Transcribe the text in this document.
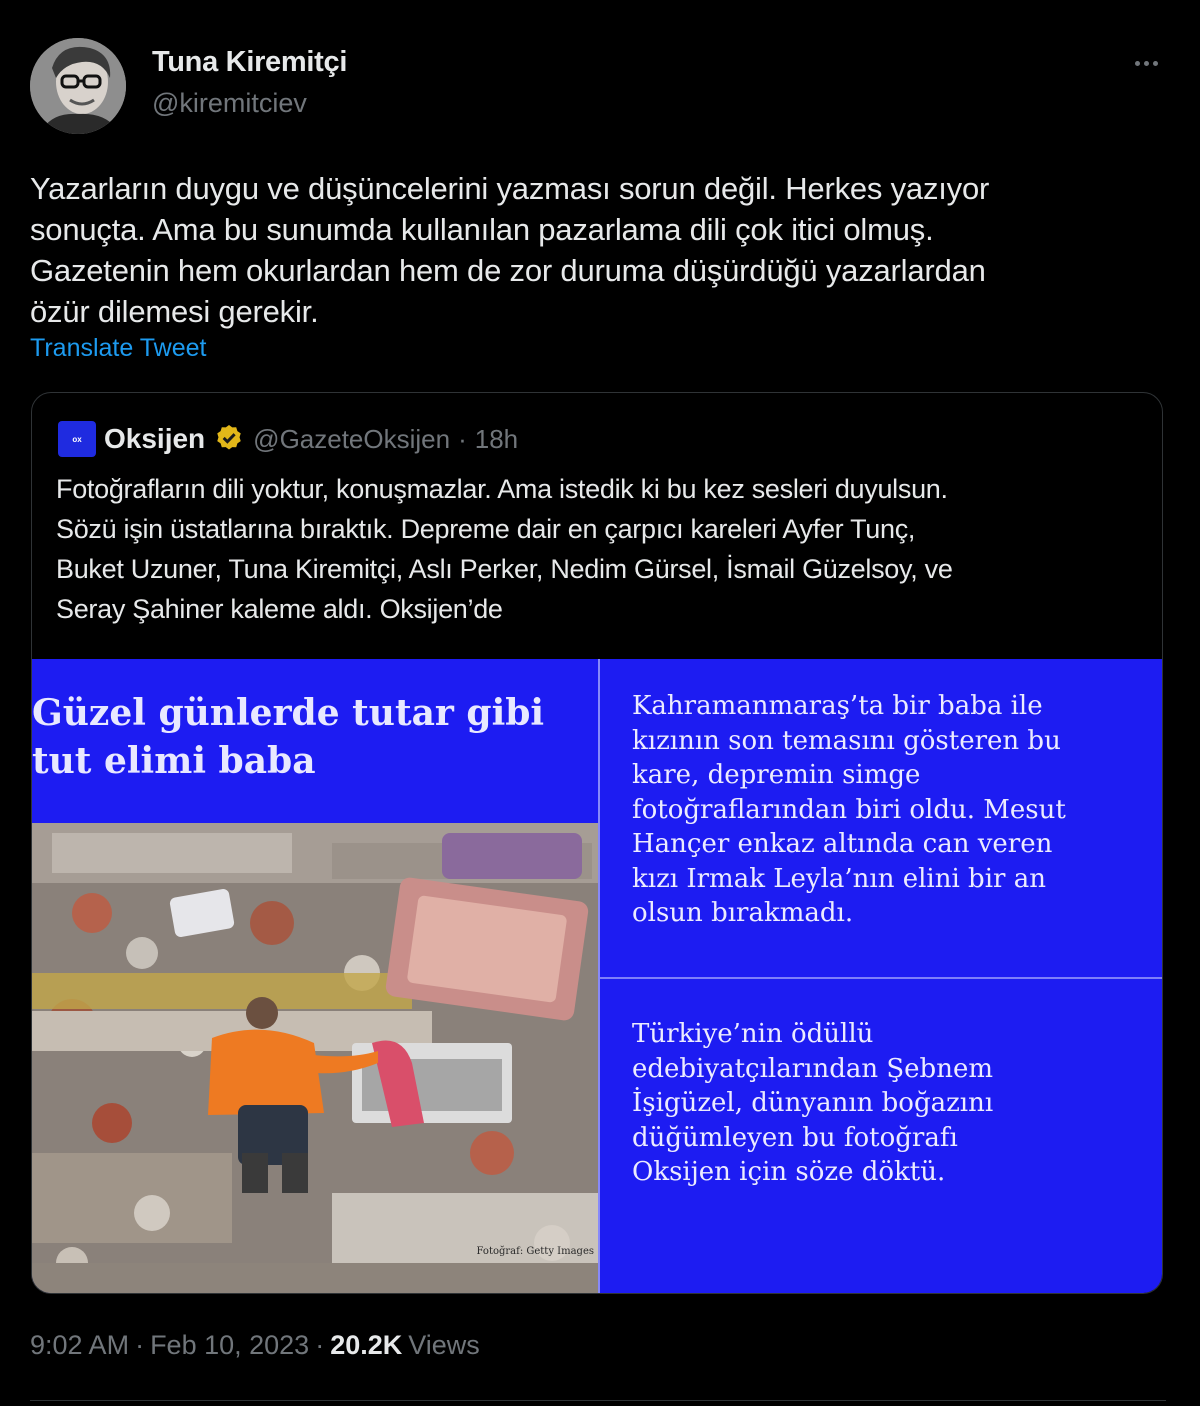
Tuna Kiremitçi
@kiremitciev
Yazarların duygu ve düşüncelerini yazması sorun değil. Herkes yazıyor
sonuçta. Ama bu sunumda kullanılan pazarlama dili çok itici olmuş.
Gazetenin hem okurlardan hem de zor duruma düşürdüğü yazarlardan
özür dilemesi gerekir.
Translate Tweet
ox Oksijen @GazeteOksijen · 18h
Fotoğrafların dili yoktur, konuşmazlar. Ama istedik ki bu kez sesleri duyulsun.
Sözü işin üstatlarına bıraktık. Depreme dair en çarpıcı kareleri Ayfer Tunç,
Buket Uzuner, Tuna Kiremitçi, Aslı Perker, Nedim Gürsel, İsmail Güzelsoy, ve
Seray Şahiner kaleme aldı. Oksijen’de
Güzel günlerde tutar gibi
tut elimi baba
Fotoğraf: Getty Images
Kahramanmaraş’ta bir baba ile
kızının son temasını gösteren bu
kare, depremin simge
fotoğraflarından biri oldu. Mesut
Hançer enkaz altında can veren
kızı Irmak Leyla’nın elini bir an
olsun bırakmadı.
Türkiye’nin ödüllü
edebiyatçılarından Şebnem
İşigüzel, dünyanın boğazını
düğümleyen bu fotoğrafı
Oksijen için söze döktü.
9:02 AM · Feb 10, 2023 · 20.2K Views
